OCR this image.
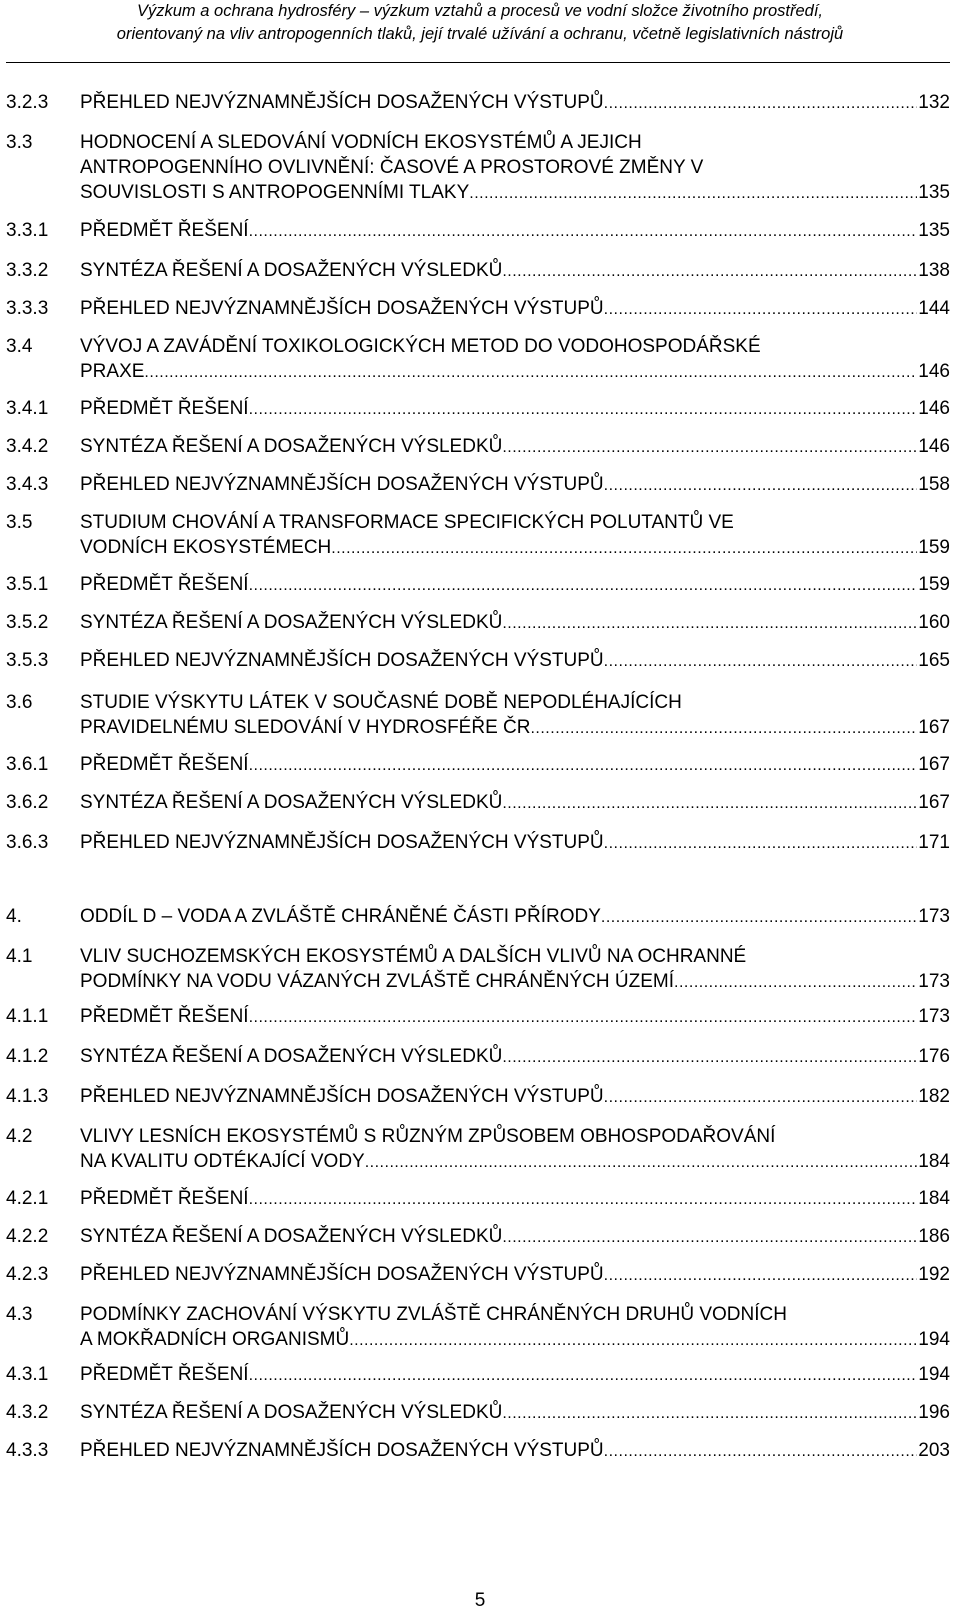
Výzkum a ochrana hydrosféry – výzkum vztahů a procesů ve vodní složce životního prostředí,
orientovaný na vliv antropogenních tlaků, její trvalé užívání a ochranu, včetně legislativních nástrojů
3.2.3 PŘEHLED NEJVÝZNAMNĚJŠÍCH DOSAŽENÝCH VÝSTUPŮ .....	132
3.3	HODNOCENÍ A SLEDOVÁNÍ VODNÍCH EKOSYSTÉMŮ A JEJICH
ANTROPOGENNÍHO OVLIVNĚNÍ: ČASOVÉ A PROSTOROVÉ ZMĚNY V
SOUVISLOSTI S ANTROPOGENNÍMI TLAKY .....	135
3.3.1 PŘEDMĚT ŘEŠENÍ .....	135
3.3.2 SYNTÉZA ŘEŠENÍ A DOSAŽENÝCH VÝSLEDKŮ .....	138
3.3.3 PŘEHLED NEJVÝZNAMNĚJŠÍCH DOSAŽENÝCH VÝSTUPŮ .....	144
3.4	VÝVOJ A ZAVÁDĚNÍ TOXIKOLOGICKÝCH METOD DO VODOHOSPODÁŘSKÉ
PRAXE .....	146
3.4.1 PŘEDMĚT ŘEŠENÍ .....	146
3.4.2 SYNTÉZA ŘEŠENÍ A DOSAŽENÝCH VÝSLEDKŮ .....	146
3.4.3 PŘEHLED NEJVÝZNAMNĚJŠÍCH DOSAŽENÝCH VÝSTUPŮ .....	158
3.5	STUDIUM CHOVÁNÍ A TRANSFORMACE SPECIFICKÝCH POLUTANTŮ VE
VODNÍCH EKOSYSTÉMECH .....	159
3.5.1 PŘEDMĚT ŘEŠENÍ .....	159
3.5.2 SYNTÉZA ŘEŠENÍ A DOSAŽENÝCH VÝSLEDKŮ .....	160
3.5.3 PŘEHLED NEJVÝZNAMNĚJŠÍCH DOSAŽENÝCH VÝSTUPŮ .....	165
3.6	STUDIE VÝSKYTU LÁTEK V SOUČASNÉ DOBĚ NEPODLÉHAJÍCÍCH
PRAVIDELNÉMU SLEDOVÁNÍ V HYDROSFÉŘE ČR .....	167
3.6.1 PŘEDMĚT ŘEŠENÍ .....	167
3.6.2 SYNTÉZA ŘEŠENÍ A DOSAŽENÝCH VÝSLEDKŮ .....	167
3.6.3 PŘEHLED NEJVÝZNAMNĚJŠÍCH DOSAŽENÝCH VÝSTUPŮ .....	171
4.	ODDÍL D – VODA A ZVLÁŠTĚ CHRÁNĚNÉ ČÁSTI PŘÍRODY .....	173
4.1	VLIV SUCHOZEMSKÝCH EKOSYSTÉMŮ A DALŠÍCH VLIVŮ NA OCHRANNÉ
PODMÍNKY NA VODU VÁZANÝCH ZVLÁŠTĚ CHRÁNĚNÝCH ÚZEMÍ .....	173
4.1.1 PŘEDMĚT ŘEŠENÍ .....	173
4.1.2 SYNTÉZA ŘEŠENÍ A DOSAŽENÝCH VÝSLEDKŮ .....	176
4.1.3 PŘEHLED NEJVÝZNAMNĚJŠÍCH DOSAŽENÝCH VÝSTUPŮ .....	182
4.2	VLIVY LESNÍCH EKOSYSTÉMŮ S RŮZNÝM ZPŮSOBEM OBHOSPODAŘOVÁNÍ
NA KVALITU ODTÉKAJÍCÍ VODY .....	184
4.2.1 PŘEDMĚT ŘEŠENÍ .....	184
4.2.2 SYNTÉZA ŘEŠENÍ A DOSAŽENÝCH VÝSLEDKŮ .....	186
4.2.3 PŘEHLED NEJVÝZNAMNĚJŠÍCH DOSAŽENÝCH VÝSTUPŮ .....	192
4.3	PODMÍNKY ZACHOVÁNÍ VÝSKYTU ZVLÁŠTĚ CHRÁNĚNÝCH DRUHŮ VODNÍCH
A MOKŘADNÍCH ORGANISMŮ .....	194
4.3.1 PŘEDMĚT ŘEŠENÍ .....	194
4.3.2 SYNTÉZA ŘEŠENÍ A DOSAŽENÝCH VÝSLEDKŮ .....	196
4.3.3 PŘEHLED NEJVÝZNAMNĚJŠÍCH DOSAŽENÝCH VÝSTUPŮ .....	203
5
